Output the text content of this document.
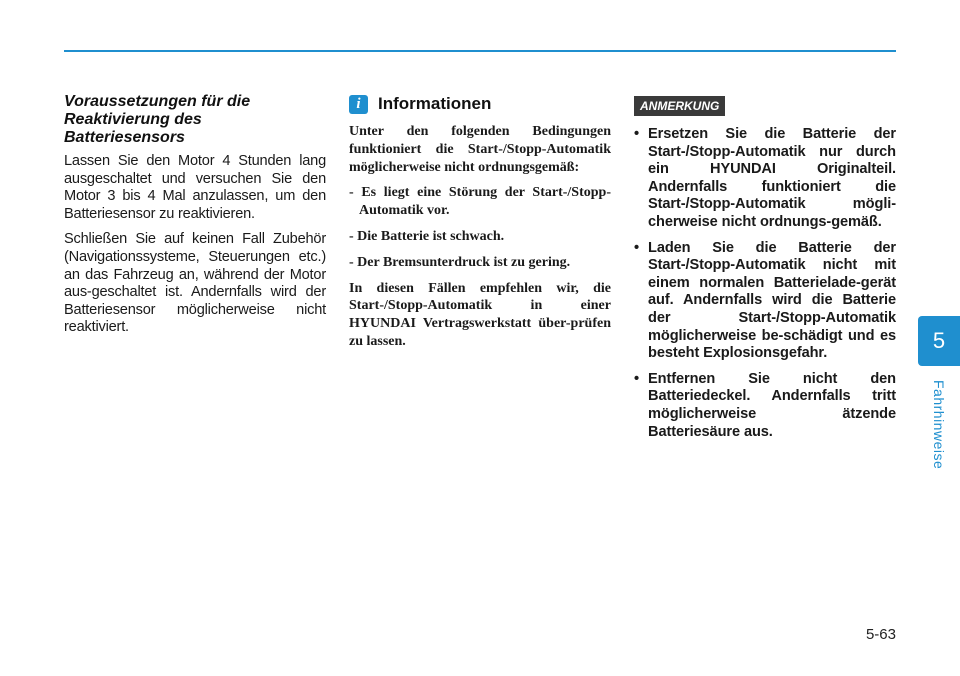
Voraussetzungen für die Reaktivierung des Batteriesensors

Lassen Sie den Motor 4 Stunden lang ausgeschaltet und versuchen Sie den Motor 3 bis 4 Mal anzulassen, um den Batteriesensor zu reaktivieren.

Schließen Sie auf keinen Fall Zubehör (Navigationssysteme, Steuerungen etc.) an das Fahrzeug an, während der Motor aus-geschaltet ist. Andernfalls wird der Batteriesensor möglicherweise nicht reaktiviert.

i	Informationen

Unter den folgenden Bedingungen funktioniert die Start-/Stopp-Automatik möglicherweise nicht ordnungsgemäß:

- Es liegt eine Störung der Start-/Stopp-Automatik vor.

- Die Batterie ist schwach.

- Der Bremsunterdruck ist zu gering.

In diesen Fällen empfehlen wir, die Start-/Stopp-Automatik in einer HYUNDAI Vertragswerkstatt über-prüfen zu lassen.

ANMERKUNG
• Ersetzen Sie die Batterie der Start-/Stopp-Automatik nur durch ein HYUNDAI Originalteil. Andernfalls funktioniert die Start-/Stopp-Automatik mögli-cherweise nicht ordnungs-gemäß.
• Laden Sie die Batterie der Start-/Stopp-Automatik nicht mit einem normalen Batterielade-gerät auf. Andernfalls wird die Batterie der Start-/Stopp-Automatik möglicherweise be-schädigt und es besteht Explosionsgefahr.
• Entfernen Sie nicht den Batteriedeckel. Andernfalls tritt möglicherweise ätzende Batteriesäure aus.
5
Fahrhinweise
5-63
